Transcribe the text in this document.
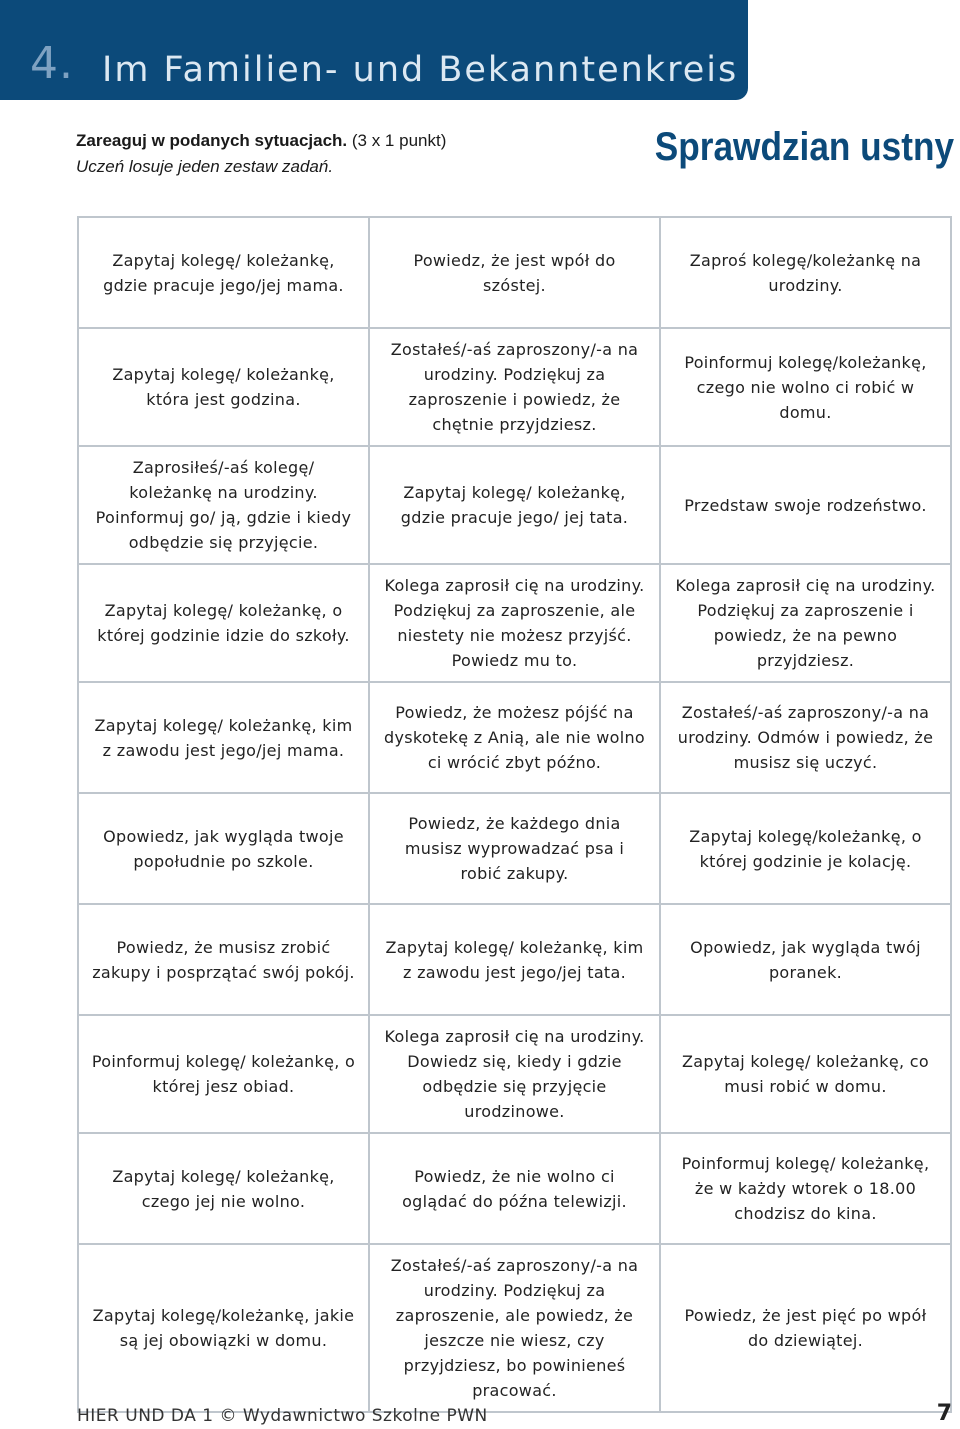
4. Im Familien- und Bekanntenkreis
Zareaguj w podanych sytuacjach. (3 x 1 punkt)
Uczeń losuje jeden zestaw zadań.	Sprawdzian ustny
Zapytaj kolegę/ koleżankę, gdzie pracuje jego/jej mama.	Powiedz, że jest wpół do szóstej.	Zaproś kolegę/koleżankę na urodziny.
Zapytaj kolegę/ koleżankę, która jest godzina.	Zostałeś/-aś zaproszony/-a na urodziny. Podziękuj za zaproszenie i powiedz, że chętnie przyjdziesz.	Poinformuj kolegę/koleżankę, czego nie wolno ci robić w domu.
Zaprosiłeś/-aś kolegę/ koleżankę na urodziny. Poinformuj go/ ją, gdzie i kiedy odbędzie się przyjęcie.	Zapytaj kolegę/ koleżankę, gdzie pracuje jego/ jej tata.	Przedstaw swoje rodzeństwo.
Zapytaj kolegę/ koleżankę, o której godzinie idzie do szkoły.	Kolega zaprosił cię na urodziny. Podziękuj za zaproszenie, ale niestety nie możesz przyjść. Powiedz mu to.	Kolega zaprosił cię na urodziny. Podziękuj za zaproszenie i powiedz, że na pewno przyjdziesz.
Zapytaj kolegę/ koleżankę, kim z zawodu jest jego/jej mama.	Powiedz, że możesz pójść na dyskotekę z Anią, ale nie wolno ci wrócić zbyt późno.	Zostałeś/-aś zaproszony/-a na urodziny. Odmów i powiedz, że musisz się uczyć.
Opowiedz, jak wygląda twoje popołudnie po szkole.	Powiedz, że każdego dnia musisz wyprowadzać psa i robić zakupy.	Zapytaj kolegę/koleżankę, o której godzinie je kolację.
Powiedz, że musisz zrobić zakupy i posprzątać swój pokój.	Zapytaj kolegę/ koleżankę, kim z zawodu jest jego/jej tata.	Opowiedz, jak wygląda twój poranek.
Poinformuj kolegę/ koleżankę, o której jesz obiad.	Kolega zaprosił cię na urodziny. Dowiedz się, kiedy i gdzie odbędzie się przyjęcie urodzinowe.	Zapytaj kolegę/ koleżankę, co musi robić w domu.
Zapytaj kolegę/ koleżankę, czego jej nie wolno.	Powiedz, że nie wolno ci oglądać do późna telewizji.	Poinformuj kolegę/ koleżankę, że w każdy wtorek o 18.00 chodzisz do kina.
Zapytaj kolegę/koleżankę, jakie są jej obowiązki w domu.	Zostałeś/-aś zaproszony/-a na urodziny. Podziękuj za zaproszenie, ale powiedz, że jeszcze nie wiesz, czy przyjdziesz, bo powinieneś pracować.	Powiedz, że jest pięć po wpół do dziewiątej.
HIER UND DA 1 © Wydawnictwo Szkolne PWN	7
